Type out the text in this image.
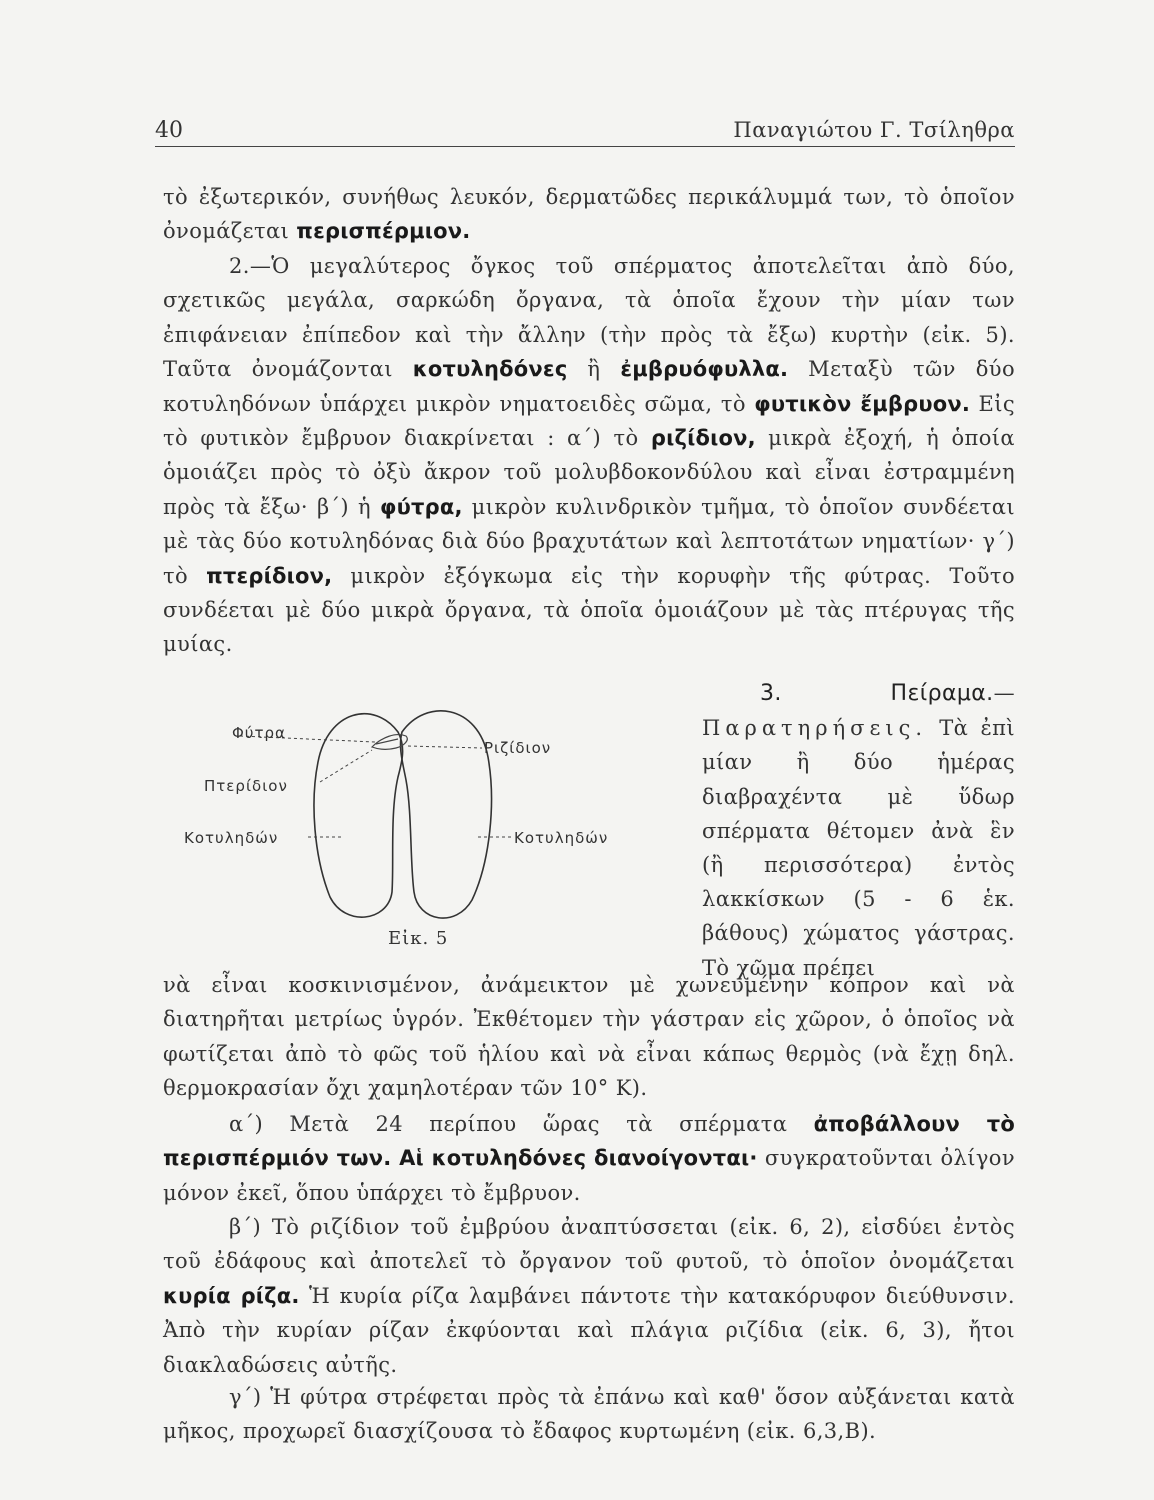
40	Παναγιώτου Γ. Τσίληθρα

τὸ ἐξωτερικόν, συνήθως λευκόν, δερματῶδες περικάλυμμά των, τὸ ὁποῖον ὀνομάζεται περισπέρμιον.

2.—Ὁ μεγαλύτερος ὄγκος τοῦ σπέρματος ἀποτελεῖται ἀπὸ δύο, σχετικῶς μεγάλα, σαρκώδη ὄργανα, τὰ ὁποῖα ἔχουν τὴν μίαν των ἐπιφάνειαν ἐπίπεδον καὶ τὴν ἄλλην (τὴν πρὸς τὰ ἔξω) κυρτὴν (εἰκ. 5). Ταῦτα ὀνομάζονται κοτυληδόνες ἢ ἐμβρυόφυλλα. Μεταξὺ τῶν δύο κοτυληδόνων ὑπάρχει μικρὸν νηματοειδὲς σῶμα, τὸ φυτικὸν ἔμβρυον. Εἰς τὸ φυτικὸν ἔμβρυον διακρίνεται : α΄) τὸ ριζίδιον, μικρὰ ἐξοχή, ἡ ὁποία ὁμοιάζει πρὸς τὸ ὀξὺ ἄκρον τοῦ μολυβδοκονδύλου καὶ εἶναι ἐστραμμένη πρὸς τὰ ἔξω· β΄) ἡ φύτρα, μικρὸν κυλινδρικὸν τμῆμα, τὸ ὁποῖον συνδέεται μὲ τὰς δύο κοτυληδόνας διὰ δύο βραχυτάτων καὶ λεπτοτάτων νηματίων· γ΄) τὸ πτερίδιον, μικρὸν ἐξόγκωμα εἰς τὴν κορυφὴν τῆς φύτρας. Τοῦτο συνδέεται μὲ δύο μικρὰ ὄργανα, τὰ ὁποῖα ὁμοιάζουν μὲ τὰς πτέρυγας τῆς μυίας.

3. Πείραμα.—Παρατηρήσεις. Τὰ ἐπὶ μίαν ἢ δύο ἡμέρας διαβραχέντα μὲ ὕδωρ σπέρματα θέτομεν ἀνὰ ἓν (ἢ περισσότερα) ἐντὸς λακκίσκων (5 - 6 ἑκ. βάθους) χώματος γάστρας. Τὸ χῶμα πρέπει

Φύτρα
Πτερίδιον
Κοτυληδών
Ριζίδιον
Κοτυληδών
Εἰκ. 5

νὰ εἶναι κοσκινισμένον, ἀνάμεικτον μὲ χωνευμένην κόπρον καὶ νὰ διατηρῆται μετρίως ὑγρόν. Ἐκθέτομεν τὴν γάστραν εἰς χῶρον, ὁ ὁποῖος νὰ φωτίζεται ἀπὸ τὸ φῶς τοῦ ἡλίου καὶ νὰ εἶναι κάπως θερμὸς (νὰ ἔχῃ δηλ. θερμοκρασίαν ὄχι χαμηλοτέραν τῶν 10° Κ).

α΄) Μετὰ 24 περίπου ὥρας τὰ σπέρματα ἀποβάλλουν τὸ περισπέρμιόν των. Αἱ κοτυληδόνες διανοίγονται· συγκρατοῦνται ὀλίγον μόνον ἐκεῖ, ὅπου ὑπάρχει τὸ ἔμβρυον.

β΄) Τὸ ριζίδιον τοῦ ἐμβρύου ἀναπτύσσεται (εἰκ. 6, 2), εἰσδύει ἐντὸς τοῦ ἐδάφους καὶ ἀποτελεῖ τὸ ὄργανον τοῦ φυτοῦ, τὸ ὁποῖον ὀνομάζεται κυρία ρίζα. Ἡ κυρία ρίζα λαμβάνει πάντοτε τὴν κατακόρυφον διεύθυνσιν. Ἀπὸ τὴν κυρίαν ρίζαν ἐκφύονται καὶ πλάγια ριζίδια (εἰκ. 6, 3), ἤτοι διακλαδώσεις αὐτῆς.

γ΄) Ἡ φύτρα στρέφεται πρὸς τὰ ἐπάνω καὶ καθ' ὅσον αὐξάνεται κατὰ μῆκος, προχωρεῖ διασχίζουσα τὸ ἔδαφος κυρτωμένη (εἰκ. 6,3,Β).
